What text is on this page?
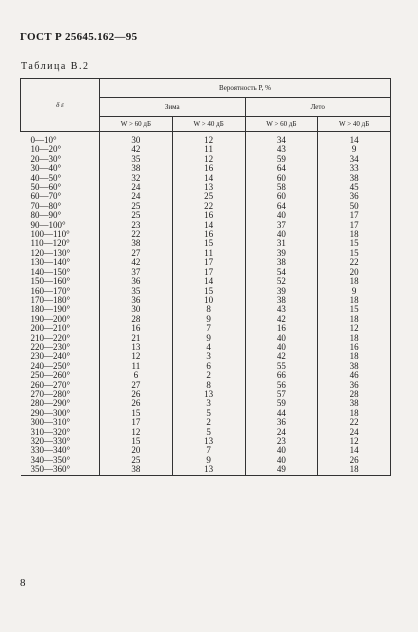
ГОСТ Р 25645.162—95
Таблица В.2
δ ε	Вероятность P, %			
	Зима		Лето	
	W > 60 дБ	W > 40 дБ	W > 60 дБ	W > 40 дБ
0—10°	30	12	34	14
10—20°	42	11	43	9
20—30°	35	12	59	34
30—40°	38	16	64	33
40—50°	32	14	60	38
50—60°	24	13	58	45
60—70°	24	25	60	36
70—80°	25	22	64	50
80—90°	25	16	40	17
90—100°	23	14	37	17
100—110°	22	16	40	18
110—120°	38	15	31	15
120—130°	27	11	39	15
130—140°	42	17	38	22
140—150°	37	17	54	20
150—160°	36	14	52	18
160—170°	35	15	39	9
170—180°	36	10	38	18
180—190°	30	8	43	15
190—200°	28	9	42	18
200—210°	16	7	16	12
210—220°	21	9	40	18
220—230°	13	4	40	16
230—240°	12	3	42	18
240—250°	11	6	55	38
250—260°	6	2	66	46
260—270°	27	8	56	36
270—280°	26	13	57	28
280—290°	26	3	59	38
290—300°	15	5	44	18
300—310°	17	2	36	22
310—320°	12	5	24	24
320—330°	15	13	23	12
330—340°	20	7	40	14
340—350°	25	9	40	26
350—360°	38	13	49	18
8
